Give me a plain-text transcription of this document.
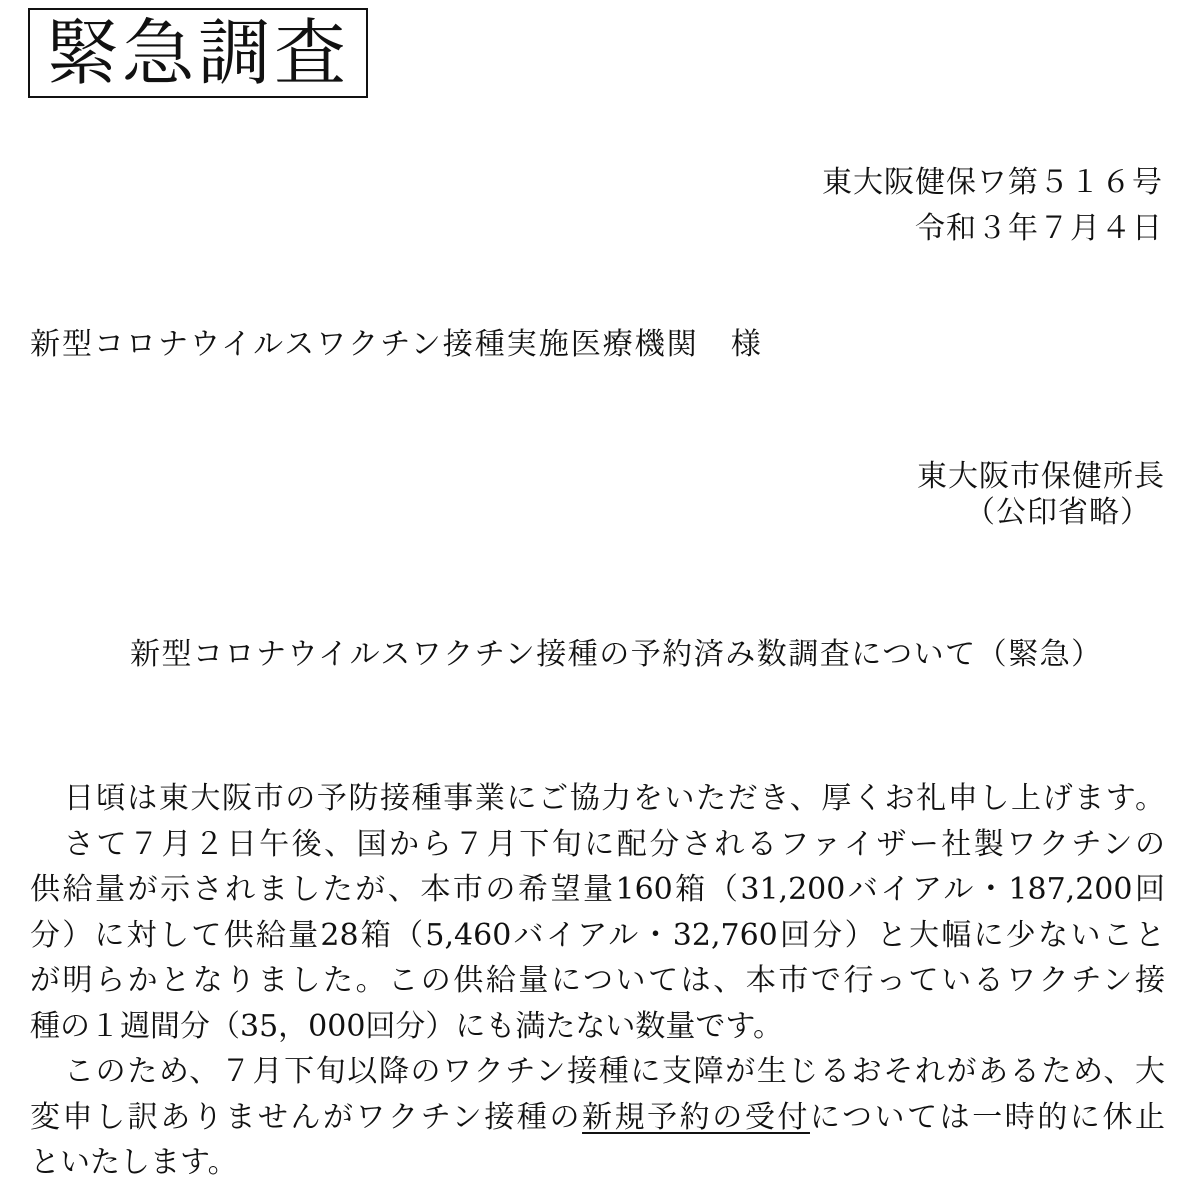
緊急調査
東大阪健保ワ第５１６号
令和３年７月４日
新型コロナウイルスワクチン接種実施医療機関　様
東大阪市保健所長
（公印省略）
新型コロナウイルスワクチン接種の予約済み数調査について（緊急）
日頃は東大阪市の予防接種事業にご協力をいただき、厚くお礼申し上げます。
さて７月２日午後、国から７月下旬に配分されるファイザー社製ワクチンの
供給量が示されましたが、本市の希望量160箱（31,200バイアル・187,200回
分）に対して供給量28箱（5,460バイアル・32,760回分）と大幅に少ないこと
が明らかとなりました。この供給量については、本市で行っているワクチン接
種の１週間分（35，000回分）にも満たない数量です。
このため、７月下旬以降のワクチン接種に支障が生じるおそれがあるため、大
変申し訳ありませんがワクチン接種の新規予約の受付については一時的に休止
といたします。
